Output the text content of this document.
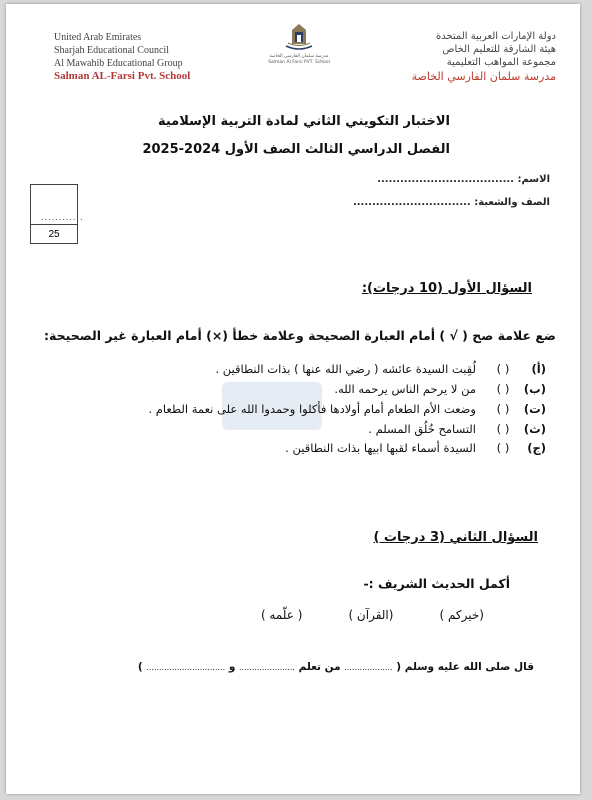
United Arab Emirates
Sharjah Educational Council
Al Mawahib Educational Group
Salman AL-Farsi Pvt. School
مدرسة سلمان الفارسي الخاصة
Salman Al Farsi PVT. School
دولة الإمارات العربية المتحدة
هيئة الشارقة للتعليم الخاص
مجموعة المواهب التعليمية
مدرسة سلمان الفارسي الخاصة
الاختبار التكويني الثاني لمادة التربية الإسلامية
الفصل الدراسي الثالث الصف الأول 2024-2025
الاسم: ....................................
الصف والشعبة: ...............................
............
25
السؤال الأول (10 درجات):
ضع علامة صح ( √ ) أمام العبارة الصحيحة وعلامة خطأ (×) أمام العبارة غير الصحيحة:
(أ)
( )
لُقِبت السيدة عائشه ( رضي الله عنها ) بذات النطاقين .
(ب)
( )
من لا يرحم الناس يرحمه الله.
(ت)
( )
وضعت الأم الطعام أمام أولادها فأكلوا وحمدوا الله على نعمة الطعام .
(ث)
( )
التسامح خُلُق المسلم .
(ج)
( )
السيدة أسماء لقبها ابيها بذات النطاقين .
السؤال الثاني (3 درجات )
أكمل الحديث الشريف :-
(خيركم )
(القرآن )
( علّمه )
قال صلى الله عليه وسلم ( ................... من تعلم ...................... و ............................... )
